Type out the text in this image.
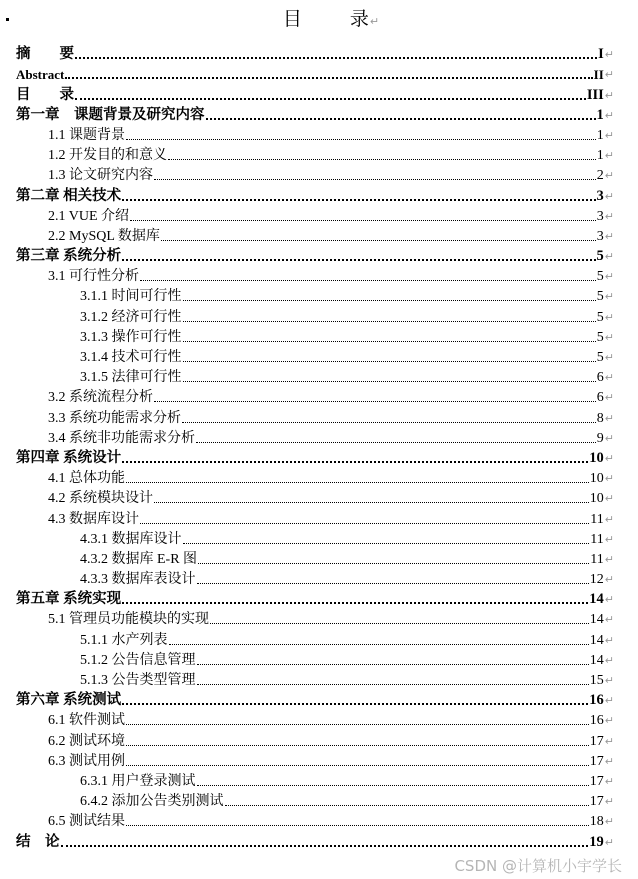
目	录↵
摘　　要	I ↵
Abstract	II ↵
目　　录	III ↵
第一章　课题背景及研究内容	1 ↵
1.1 课题背景	1 ↵
1.2 开发目的和意义	1 ↵
1.3 论文研究内容	2 ↵
第二章 相关技术	3 ↵
2.1 VUE 介绍	3 ↵
2.2 MySQL 数据库	3 ↵
第三章 系统分析	5 ↵
3.1 可行性分析	5 ↵
3.1.1 时间可行性	5 ↵
3.1.2 经济可行性	5 ↵
3.1.3 操作可行性	5 ↵
3.1.4 技术可行性	5 ↵
3.1.5 法律可行性	6 ↵
3.2 系统流程分析	6 ↵
3.3 系统功能需求分析	8 ↵
3.4 系统非功能需求分析	9 ↵
第四章 系统设计	10 ↵
4.1 总体功能	10 ↵
4.2 系统模块设计	10 ↵
4.3 数据库设计	11 ↵
4.3.1 数据库设计	11 ↵
4.3.2 数据库 E-R 图	11 ↵
4.3.3 数据库表设计	12 ↵
第五章 系统实现	14 ↵
5.1 管理员功能模块的实现	14 ↵
5.1.1 水产列表	14 ↵
5.1.2 公告信息管理	14 ↵
5.1.3 公告类型管理	15 ↵
第六章 系统测试	16 ↵
6.1 软件测试	16 ↵
6.2 测试环境	17 ↵
6.3 测试用例	17 ↵
6.3.1 用户登录测试	17 ↵
6.4.2 添加公告类别测试	17 ↵
6.5 测试结果	18 ↵
结　论	19 ↵
CSDN @计算机小宇学长
